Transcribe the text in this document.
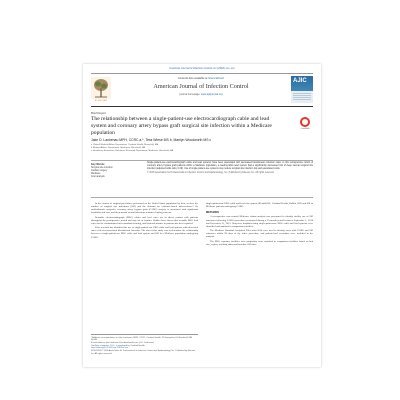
American Journal of Infection Control xxx (2018) xxx–xxx
ELSEVIER
Contents lists available at ScienceDirect
American Journal of Infection Control
journal homepage: www.ajicjournal.org
AJIC
Brief Report
The relationship between a single-patient-use electrocardiograph cable and lead system and coronary artery bypass graft surgical site infection within a Medicare population
CrossMark
Jake D. Lankenau MPH, CCRC a,*, Tess Wiese MS b, Marilyn Woodworth MS c
a Clinical Medical Affairs Department, Cardinal Health, Mansfield, MA
b Medical Affairs Department, Medtronic, Mansfield, MA
c Healthcare Economics Outcomes Research Department, Medtronic, Mansfield, MA
Key Words:
Surgical site infection
Cardiac surgery
Medicare
Cost analysis
Single-patient-use electrocardiograph cable and lead systems have been associated with decreased bloodstream infection rates. In this retrospective cohort of coronary artery bypass graft patients within a Medicare population, a leading EKG lead system had a significantly decreased risk of deep sternal surgical site infection (adjusted odds ratio, 0.29). Use of single-patient-use systems may reduce surgical site infection risk and associated costs.
© 2018 Association for Professionals in Infection Control and Epidemiology, Inc. Published by Elsevier Inc. All rights reserved.

In the context of surgical procedures performed on the United States population by then, as does the number of surgical site infections (SSI) and the demand for evidence-based interventions.1 Of cardiothoracic surgeries, coronary artery bypass graft (CABG) surgery is associated with significant morbidity and cost, and deep sternal wound infections remain a leading concern.

Reusable electrocardiograph (EKG) cables and lead wires are in direct contact with patients throughout the perioperative period and may act as fomites. Studies have shown that reusable EKG lead wires can be contaminated after standard cleaning, and bacterial transfer to patients has been reported.

Prior research has identified the use of single-patient-use EKG cable and lead systems with decreased rates of device-associated bloodstream infection. The aim of this study was to determine the relationship between a single-patient-use EKG cable and lead system and SSI in a Medicare population undergoing CABG.

single-patient-use EKG cable and lead wire system (Kendall DL, Cardinal Health, Dublin, OH) and SSI in Medicare patients undergoing CABG.

METHODS

A retrospective case-control Medicare claims analysis was performed to identify facility use of SSI outcomes following CABG procedures performed during a 15-month period between September 1, 2014 and December 31, 2015. Sixty-two hospitals using single-patient-use EKG cable and lead systems were identified and matched to comparison facilities.

The Medicare Standard Analytical Files from 2014 were used to identify cases with CABG and SSI outcomes within 90 days of the index procedure, and patient-level covariates were included in the analysis.

The EKG exposure facilities were propensity score matched to comparison facilities based on bed size, region, teaching status and baseline SSI rates.

* Address correspondence to Jake Lankenau, MPH, CCRC, Cardinal Health, 15 Hampshire St, Mansfield, MA 02048.
E-mail address: jake.lankenau@cardinalhealth.com (J.D. Lankenau).
Conflicts of interest: J.D.L. is employed by Cardinal Health.
https://doi.org/10.1016/j.ajic.2018.xx.xxx
0196-6553/© 2018 Association for Professionals in Infection Control and Epidemiology, Inc. Published by Elsevier Inc. All rights reserved.
